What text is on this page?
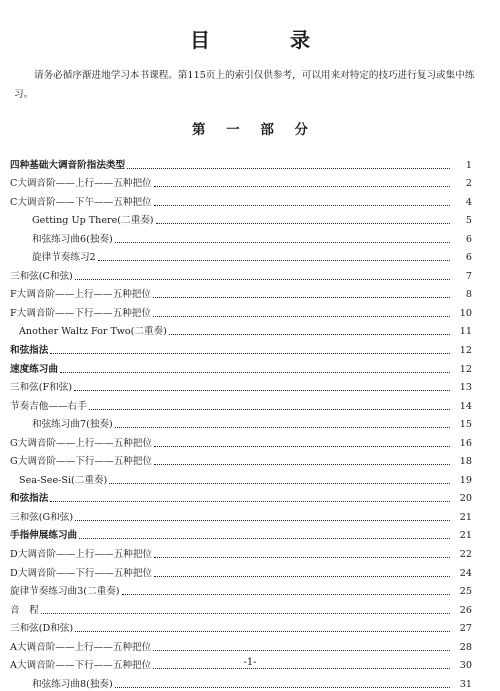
目　录
请务必循序渐进地学习本书课程。第115页上的索引仅供参考，可以用来对特定的技巧进行复习或集中练习。
第 一 部 分
四种基础大调音阶指法类型	1
C大调音阶——上行——五种把位	2
C大调音阶——下午——五种把位	4
Getting Up There(二重奏)	5
和弦练习曲6(独奏)	6
旋律节奏练习2	6
三和弦(C和弦)	7
F大调音阶——上行——五种把位	8
F大调音阶——下行——五种把位	10
Another Waltz For Two(二重奏)	11
和弦指法	12
速度练习曲	12
三和弦(F和弦)	13
节奏吉他——右手	14
和弦练习曲7(独奏)	15
G大调音阶——上行——五种把位	16
G大调音阶——下行——五种把位	18
Sea-See-Si(二重奏)	19
和弦指法	20
三和弦(G和弦)	21
手指伸展练习曲	21
D大调音阶——上行——五种把位	22
D大调音阶——下行——五种把位	24
旋律节奏练习曲3(二重奏)	25
音　程	26
三和弦(D和弦)	27
A大调音阶——上行——五种把位	28
A大调音阶——下行——五种把位	30
和弦练习曲8(独奏)	31
-1-
